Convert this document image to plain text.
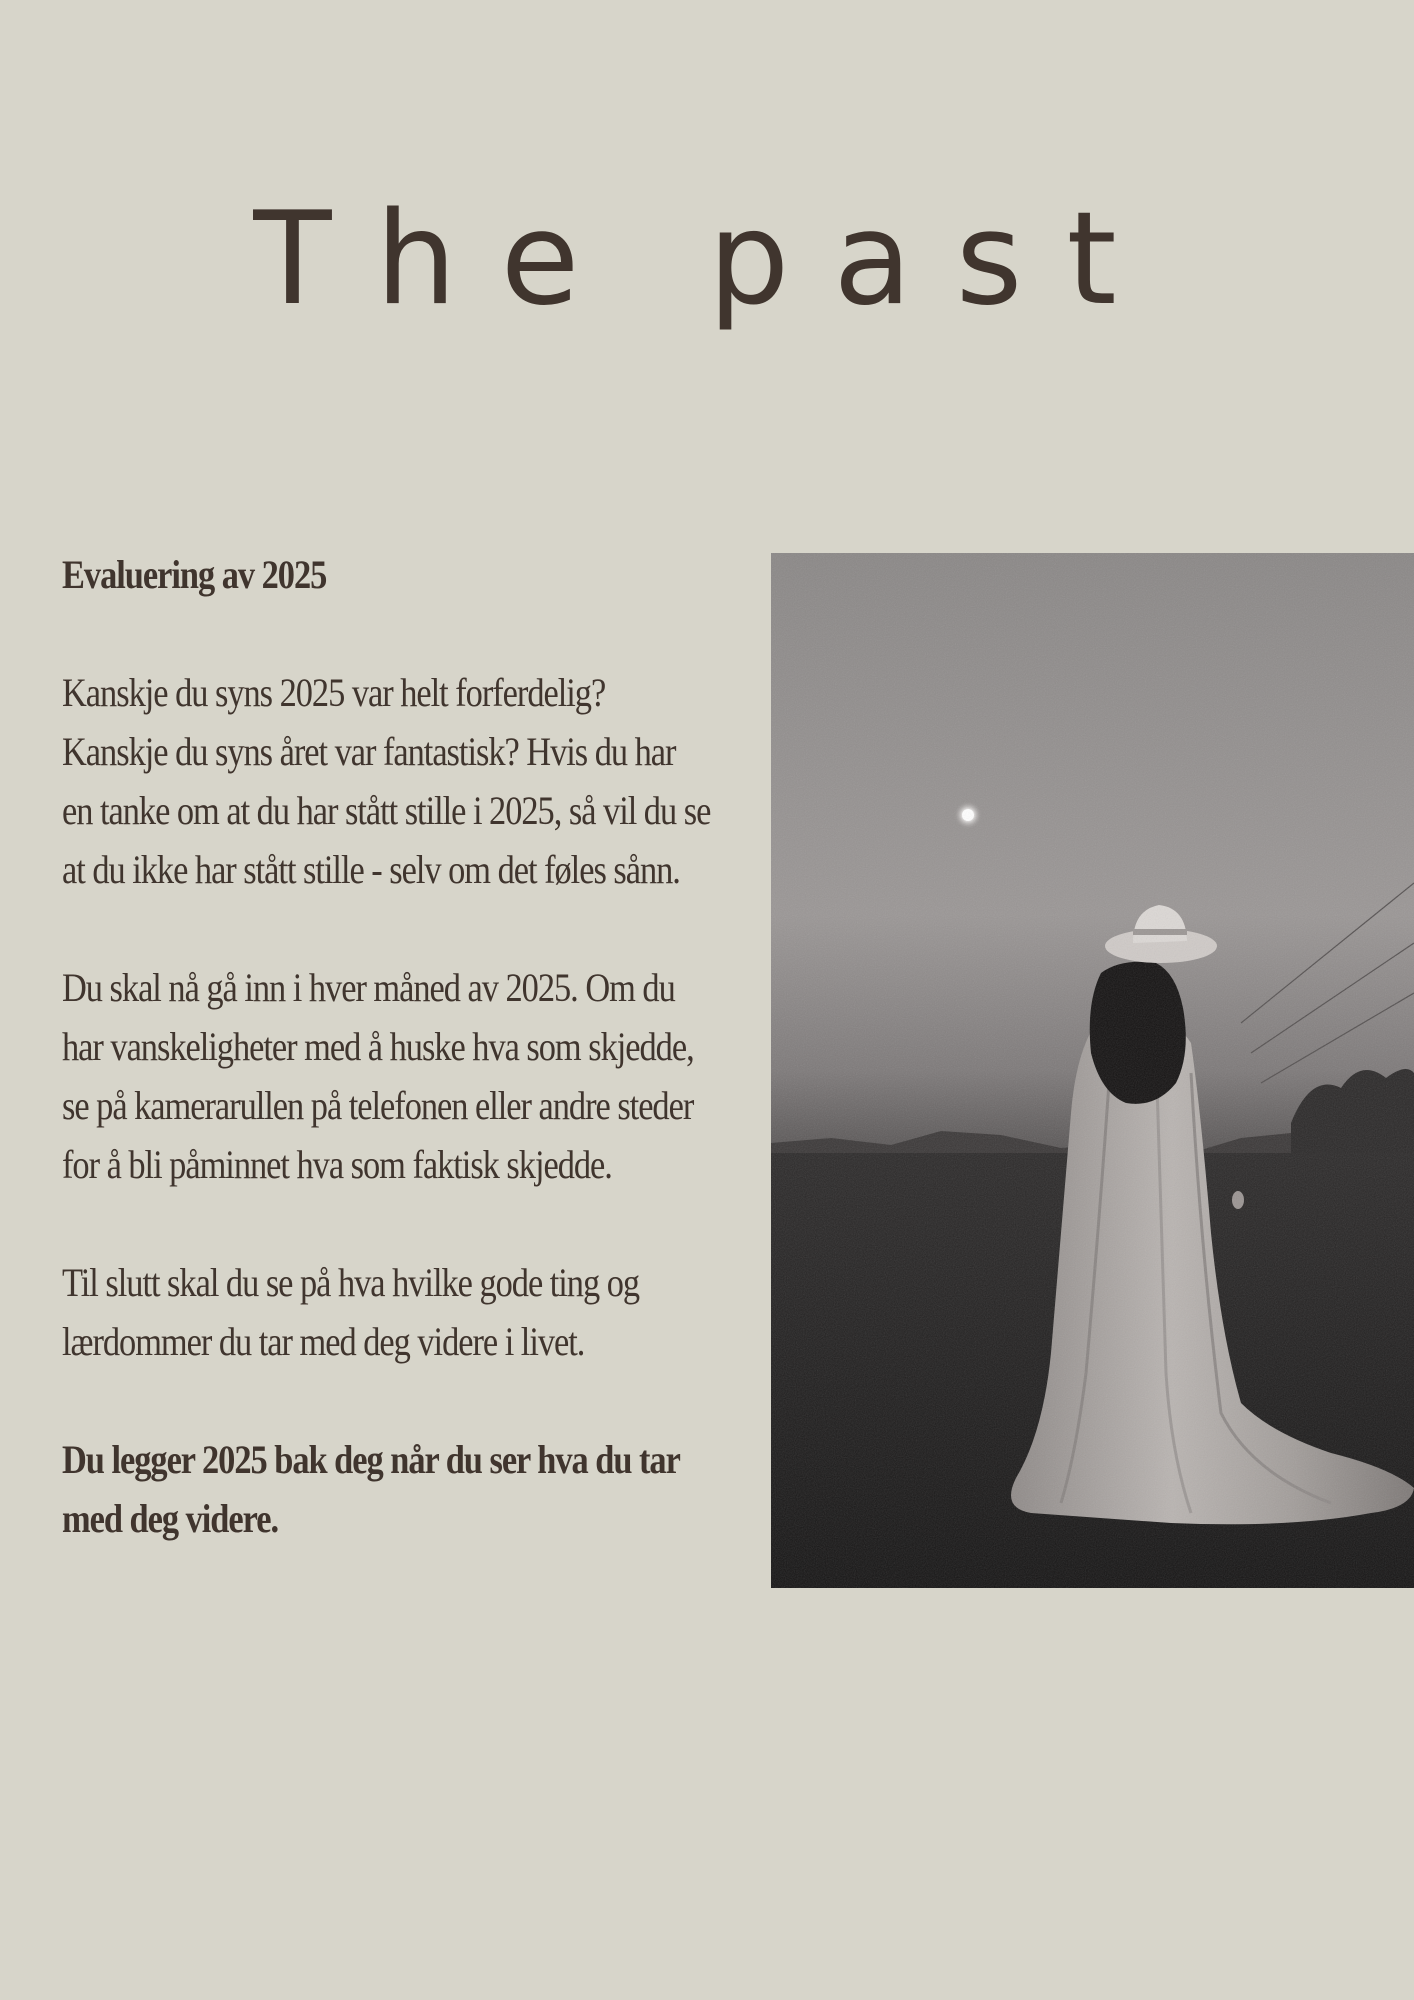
The past

Evaluering av 2025

Kanskje du syns 2025 var helt forferdelig? Kanskje du syns året var fantastisk? Hvis du har en tanke om at du har stått stille i 2025, så vil du se at du ikke har stått stille - selv om det føles sånn.

Du skal nå gå inn i hver måned av 2025. Om du har vanskeligheter med å huske hva som skjedde, se på kamerarullen på telefonen eller andre steder for å bli påminnet hva som faktisk skjedde.

Til slutt skal du se på hva hvilke gode ting og lærdommer du tar med deg videre i livet.

Du legger 2025 bak deg når du ser hva du tar med deg videre.
